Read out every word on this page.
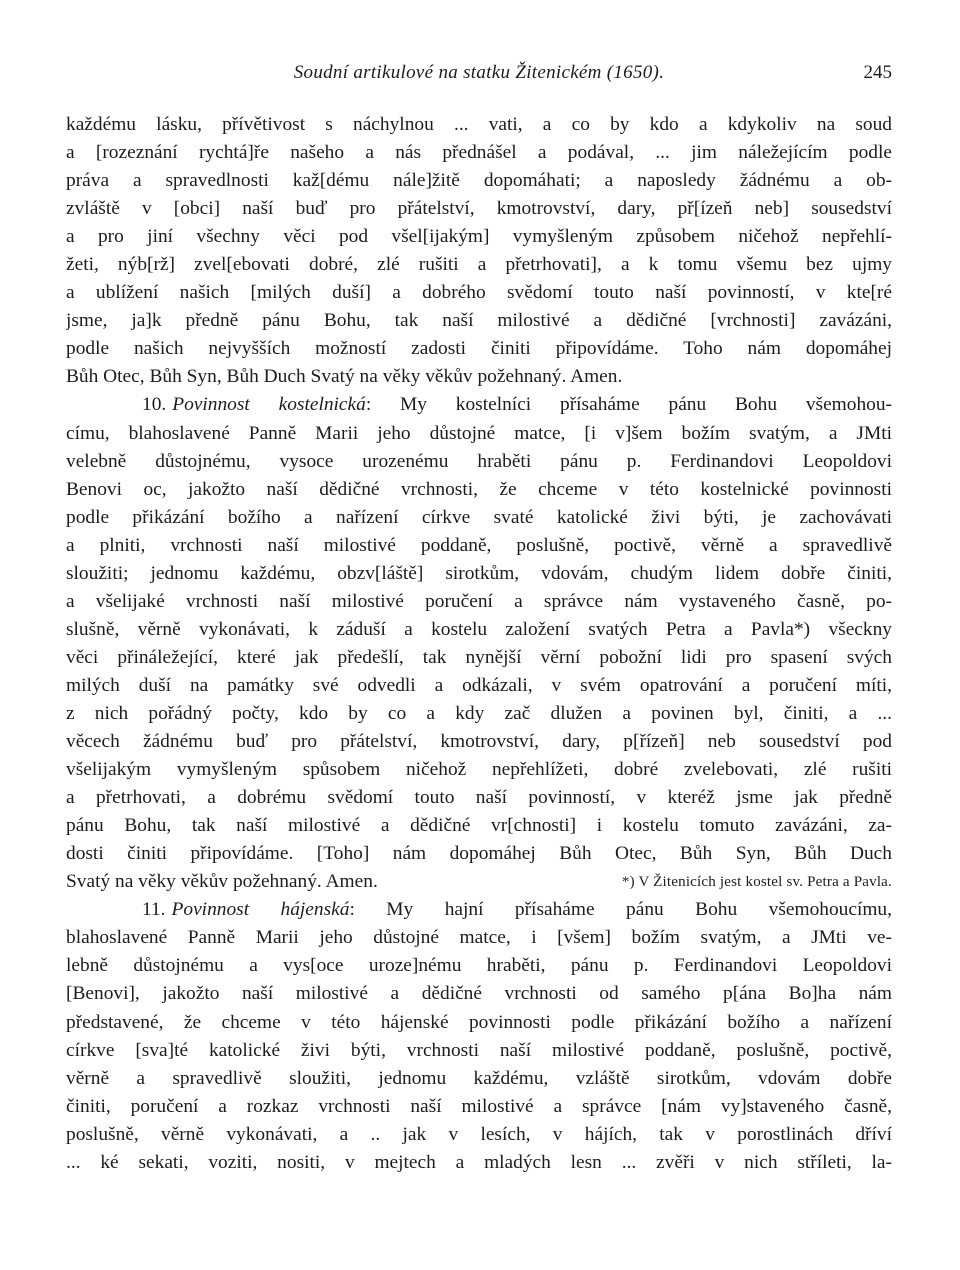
Soudní artikulové na statku Žitenickém (1650).	245
každému lásku, přívětivost s náchylnou ... vati, a co by kdo a kdykoliv na soud
a [rozeznání rychtá]ře našeho a nás přednášel a podával, ... jim náležejícím podle
práva a spravedlnosti kaž[dému nále]žitě dopomáhati; a naposledy žádnému a ob-
zvláště v [obci] naší buď pro přátelství, kmotrovství, dary, př[ízeň neb] sousedství
a pro jiní všechny věci pod všel[ijakým] vymyšleným způsobem ničehož nepřehlí-
žeti, nýb[rž] zvel[ebovati dobré, zlé rušiti a přetrhovati], a k tomu všemu bez ujmy
a ublížení našich [milých duší] a dobrého svědomí touto naší povinností, v kte[ré
jsme, ja]k předně pánu Bohu, tak naší milostivé a dědičné [vrchnosti] zavázáni,
podle našich nejvyšších možností zadosti činiti připovídáme. Toho nám dopomáhej
Bůh Otec, Bůh Syn, Bůh Duch Svatý na věky věkův požehnaný. Amen.
10. Povinnost kostelnická: My kostelníci přísaháme pánu Bohu všemohou-
címu, blahoslavené Panně Marii jeho důstojné matce, [i v]šem božím svatým, a JMti
velebně důstojnému, vysoce urozenému hraběti pánu p. Ferdinandovi Leopoldovi
Benovi oc, jakožto naší dědičné vrchnosti, že chceme v této kostelnické povinnosti
podle přikázání božího a nařízení církve svaté katolické živi býti, je zachovávati
a plniti, vrchnosti naší milostivé poddaně, poslušně, poctivě, věrně a spravedlivě
sloužiti; jednomu každému, obzv[láště] sirotkům, vdovám, chudým lidem dobře činiti,
a všelijaké vrchnosti naší milostivé poručení a správce nám vystaveného časně, po-
slušně, věrně vykonávati, k záduší a kostelu založení svatých Petra a Pavla*) všeckny
věci přináležející, které jak předešlí, tak nynější věrní pobožní lidi pro spasení svých
milých duší na památky své odvedli a odkázali, v svém opatrování a poručení míti,
z nich pořádný počty, kdo by co a kdy zač dlužen a povinen byl, činiti, a ...
věcech žádnému buď pro přátelství, kmotrovství, dary, p[řízeň] neb sousedství pod
všelijakým vymyšleným spůsobem ničehož nepřehlížeti, dobré zvelebovati, zlé rušiti
a přetrhovati, a dobrému svědomí touto naší povinností, v kteréž jsme jak předně
pánu Bohu, tak naší milostivé a dědičné vr[chnosti] i kostelu tomuto zavázáni, za-
dosti činiti připovídáme. [Toho] nám dopomáhej Bůh Otec, Bůh Syn, Bůh Duch
Svatý na věky věkův požehnaný. Amen.	*) V Žitenicích jest kostel sv. Petra a Pavla.
11. Povinnost hájenská: My hajní přísaháme pánu Bohu všemohoucímu,
blahoslavené Panně Marii jeho důstojné matce, i [všem] božím svatým, a JMti ve-
lebně důstojnému a vys[oce uroze]nému hraběti, pánu p. Ferdinandovi Leopoldovi
[Benovi], jakožto naší milostivé a dědičné vrchnosti od samého p[ána Bo]ha nám
představené, že chceme v této hájenské povinnosti podle přikázání božího a nařízení
církve [sva]té katolické živi býti, vrchnosti naší milostivé poddaně, poslušně, poctivě,
věrně a spravedlivě sloužiti, jednomu každému, vzláště sirotkům, vdovám dobře
činiti, poručení a rozkaz vrchnosti naší milostivé a správce [nám vy]staveného časně,
poslušně, věrně vykonávati, a .. jak v lesích, v hájích, tak v porostlinách dříví
... ké sekati, voziti, nositi, v mejtech a mladých lesn ... zvěři v nich stříleti, la-
